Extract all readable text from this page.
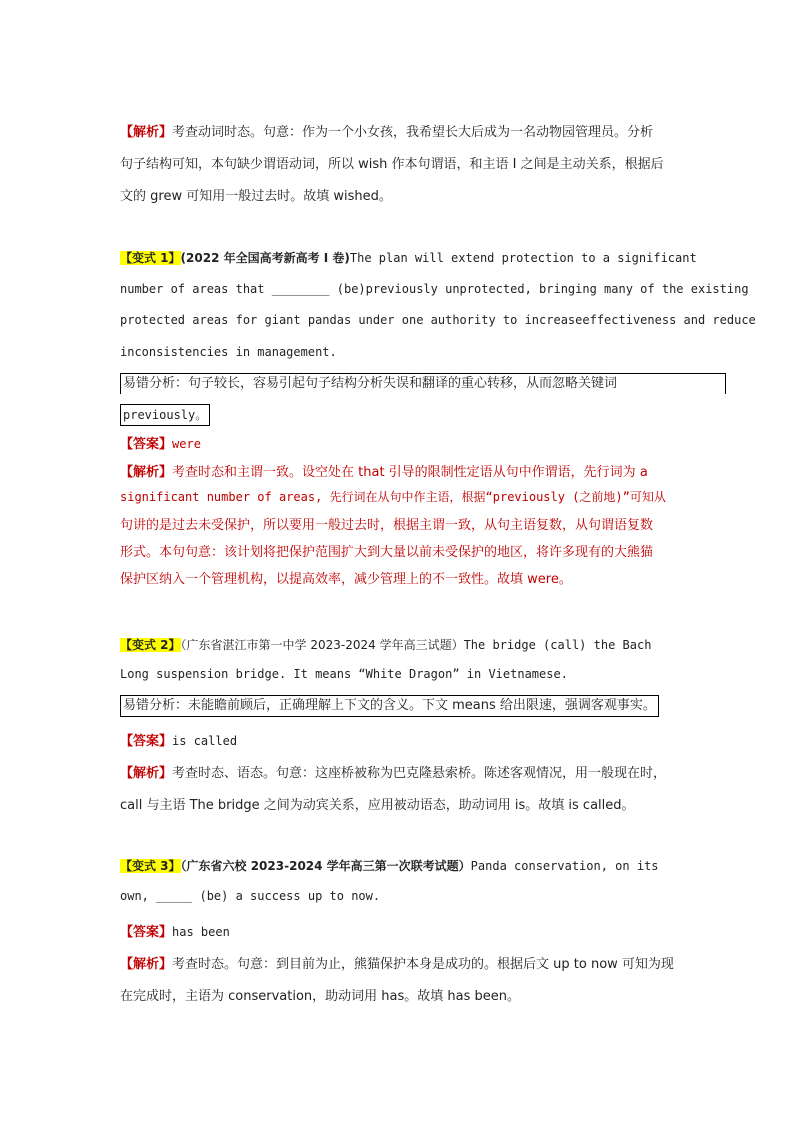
【解析】考查动词时态。句意：作为一个小女孩，我希望长大后成为一名动物园管理员。分析
句子结构可知，本句缺少谓语动词，所以 wish 作本句谓语，和主语 I 之间是主动关系，根据后
文的 grew 可知用一般过去时。故填 wished。
【变式 1】(2022 年全国高考新高考 I 卷)The plan will extend protection to a significant
number of areas that ________ (be)previously unprotected, bringing many of the existing
protected areas for giant pandas under one authority to increaseeffectiveness and reduce
inconsistencies in management.
易错分析：句子较长，容易引起句子结构分析失误和翻译的重心转移，从而忽略关键词
previously。
【答案】were
【解析】考查时态和主谓一致。设空处在 that 引导的限制性定语从句中作谓语，先行词为 a
significant number of areas, 先行词在从句中作主语，根据“previously (之前地)”可知从
句讲的是过去未受保护，所以要用一般过去时，根据主谓一致，从句主语复数，从句谓语复数
形式。本句句意：该计划将把保护范围扩大到大量以前未受保护的地区，将许多现有的大熊猫
保护区纳入一个管理机构，以提高效率，减少管理上的不一致性。故填 were。
【变式 2】（广东省湛江市第一中学 2023-2024 学年高三试题）The bridge (call) the Bach
Long suspension bridge. It means “White Dragon” in Vietnamese.
易错分析：未能瞻前顾后，正确理解上下文的含义。下文 means 给出限速，强调客观事实。
【答案】is called
【解析】考查时态、语态。句意：这座桥被称为巴克隆悬索桥。陈述客观情况，用一般现在时，
call 与主语 The bridge 之间为动宾关系，应用被动语态，助动词用 is。故填 is called。
【变式 3】（广东省六校 2023-2024 学年高三第一次联考试题）Panda conservation, on its
own, _____ (be) a success up to now.
【答案】has been
【解析】考查时态。句意：到目前为止，熊猫保护本身是成功的。根据后文 up to now 可知为现
在完成时，主语为 conservation，助动词用 has。故填 has been。
